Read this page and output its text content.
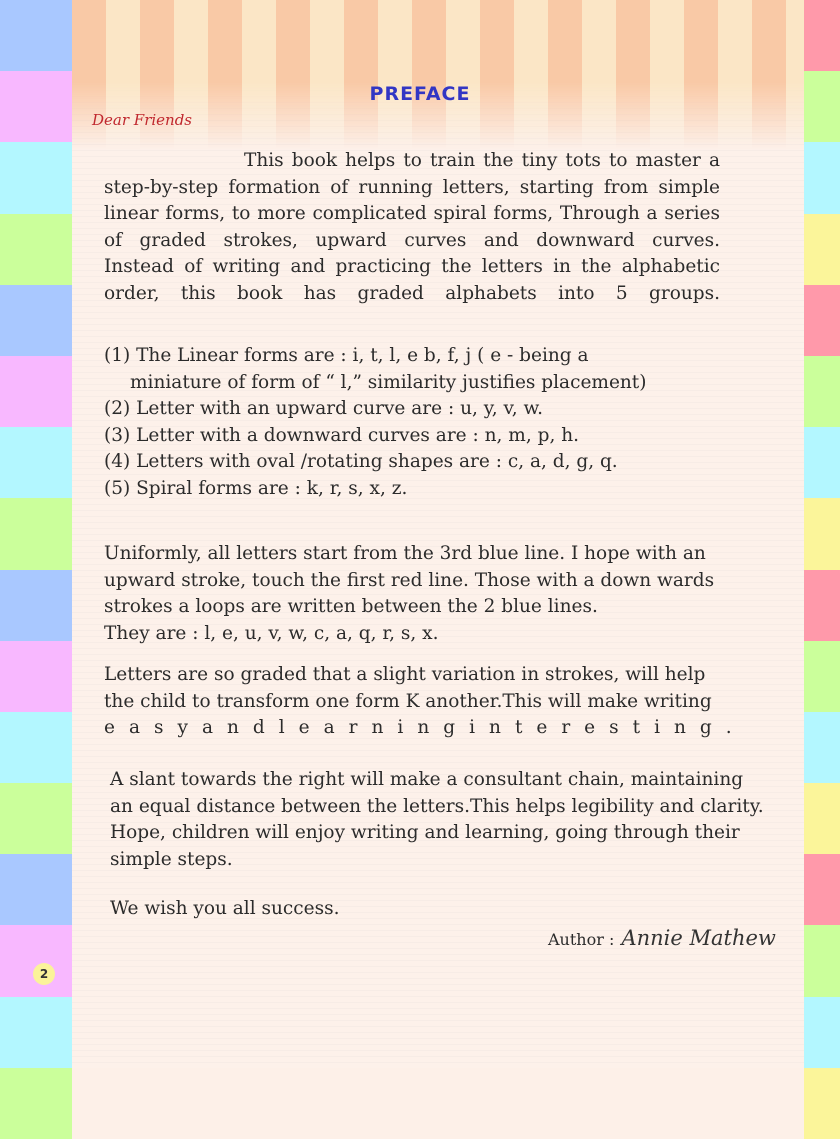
PREFACE
Dear Friends
This book helps to train the tiny tots to master a
step-by-step formation of running letters, starting from simple
linear forms, to more complicated spiral forms, Through a series
of graded strokes, upward curves and downward curves.
Instead of writing and practicing the letters in the alphabetic
order, this book has graded alphabets into 5 groups.
(1) The Linear forms are : i, t, l, e b, f, j ( e - being a
miniature of form of “ l,” similarity justifies placement)
(2) Letter with an upward curve are : u, y, v, w.
(3) Letter with a downward curves are : n, m, p, h.
(4) Letters with oval /rotating shapes are : c, a, d, g, q.
(5) Spiral forms are : k, r, s, x, z.
Uniformly, all letters start from the 3rd blue line. I hope with an
upward stroke, touch the first red line. Those with a down wards
strokes a loops are written between the 2 blue lines.
They are : l, e, u, v, w, c, a, q, r, s, x.
Letters are so graded that a slight variation in strokes, will help
the child to transform one form K another.This will make writing
e a s y a n d l e a r n i n g i n t e r e s t i n g .
A slant towards the right will make a consultant chain, maintaining
an equal distance between the letters.This helps legibility and clarity.
Hope, children will enjoy writing and learning, going through their
simple steps.
We wish you all success.
Author : Annie Mathew
2
